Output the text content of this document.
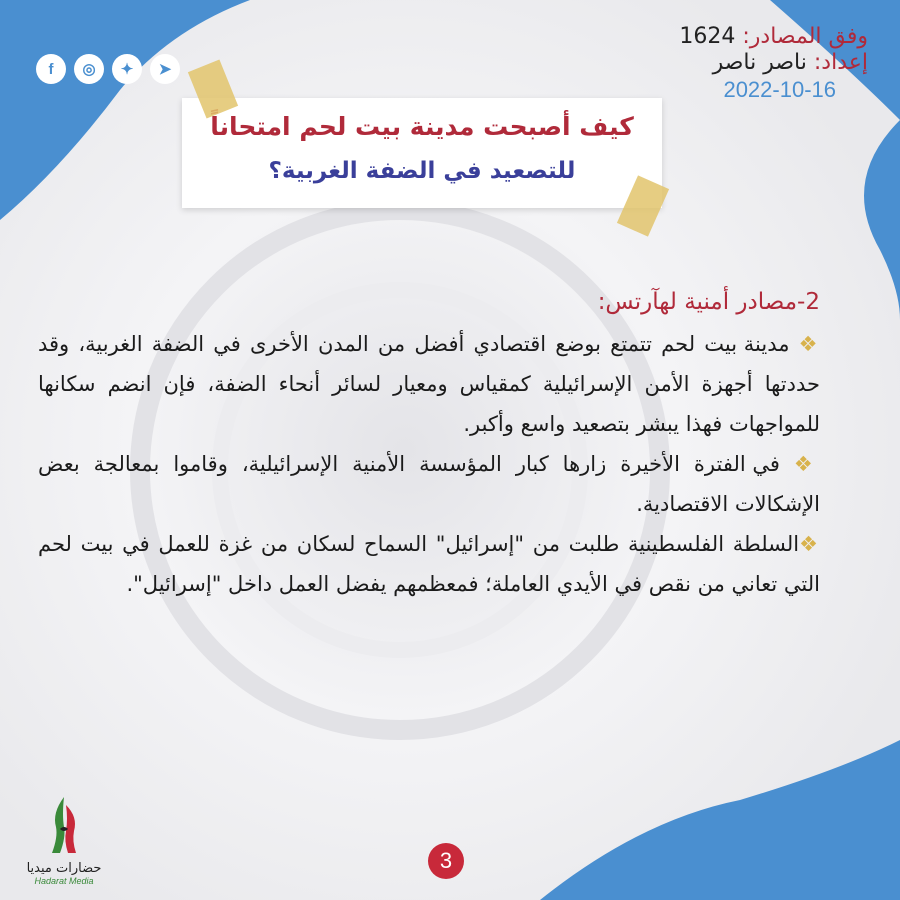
f	◎	✦	➤
وفق المصادر: 1624
إعداد: ناصر ناصر
2022-10-16
كيف أصبحت مدينة بيت لحم امتحاناً
للتصعيد في الضفة الغربية؟
2-مصادر أمنية لهآرتس:

❖ مدينة بيت لحم تتمتع بوضع اقتصادي أفضل من المدن الأخرى في الضفة الغربية، وقد حددتها أجهزة الأمن الإسرائيلية كمقياس ومعيار لسائر أنحاء الضفة، فإن انضم سكانها للمواجهات فهذا يبشر بتصعيد واسع وأكبر.

❖ في الفترة الأخيرة زارها كبار المؤسسة الأمنية الإسرائيلية، وقاموا بمعالجة بعض الإشكالات الاقتصادية.

❖السلطة الفلسطينية طلبت من "إسرائيل" السماح لسكان من غزة للعمل في بيت لحم التي تعاني من نقص في الأيدي العاملة؛ فمعظمهم يفضل العمل داخل "إسرائيل".

3
حضارات ميديا
Hadarat Media
